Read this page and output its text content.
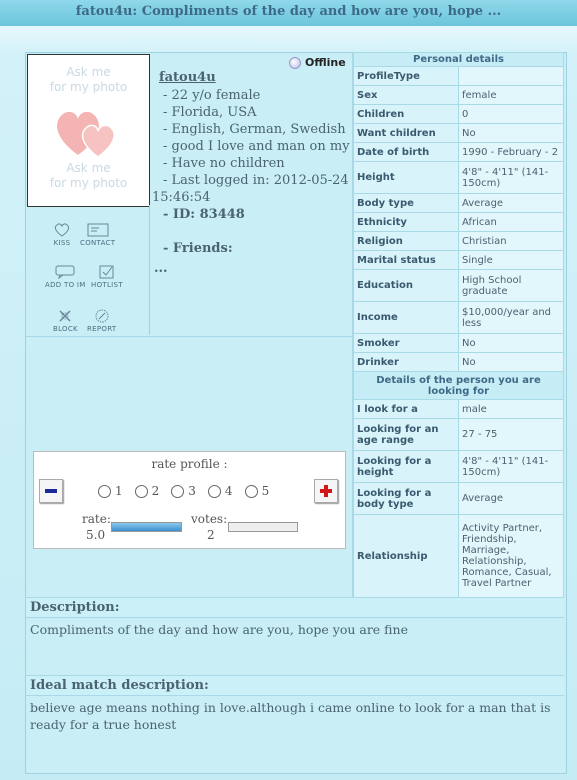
fatou4u: Compliments of the day and how are you, hope ...
Ask me
for my photo
Ask me
for my photo
KISS CONTACT
ADD TO IM HOTLIST
BLOCK REPORT
Offline
fatou4u
- 22 y/o female
- Florida, USA
- English, German, Swedish
- good I love and man on my
- Have no children
- Last logged in: 2012-05-24
15:46:54
- ID: 83448
- Friends:
...
rate profile :
1 2 3 4 5
rate:
5.0
votes:
2
Personal details	
ProfileType	
Sex	female
Children	0
Want children	No
Date of birth	1990 - February - 2
Height	4'8" - 4'11" (141-150cm)
Body type	Average
Ethnicity	African
Religion	Christian
Marital status	Single
Education	High School graduate
Income	$10,000/year and less
Smoker	No
Drinker	No
Details of the person you are looking for	
I look for a	male
Looking for an age range	27 - 75
Looking for a height	4'8" - 4'11" (141-150cm)
Looking for a body type	Average
Relationship	Activity Partner, Friendship, Marriage, Relationship, Romance, Casual, Travel Partner
Description:
Compliments of the day and how are you, hope you are fine
Ideal match description:
believe age means nothing in love.although i came online to look for a man that is ready for a true honest
